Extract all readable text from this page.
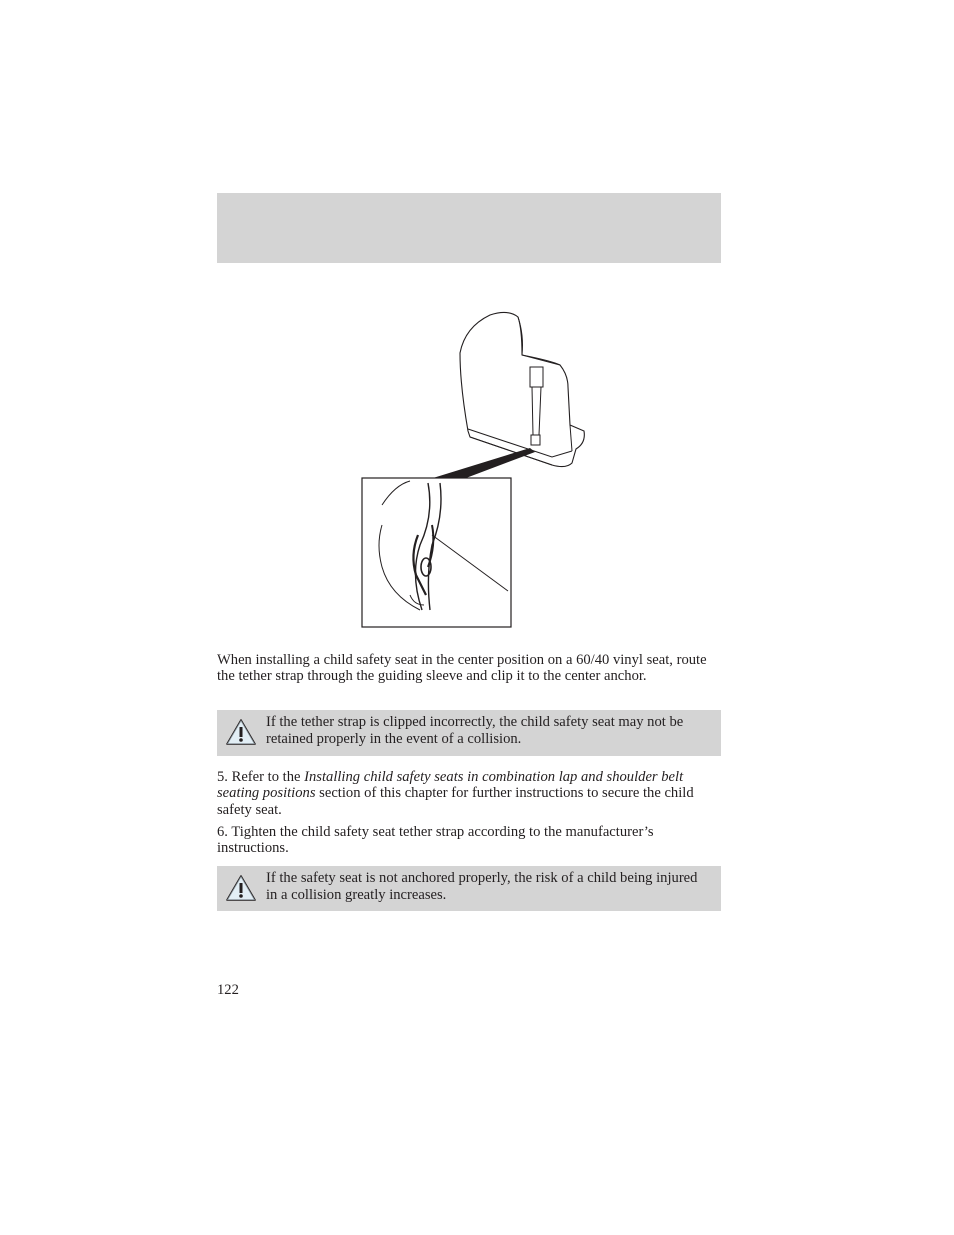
When installing a child safety seat in the center position on a 60/40 vinyl seat, route the tether strap through the guiding sleeve and clip it to the center anchor.

If the tether strap is clipped incorrectly, the child safety seat may not be retained properly in the event of a collision.

5. Refer to the Installing child safety seats in combination lap and shoulder belt seating positions section of this chapter for further instructions to secure the child safety seat.

6. Tighten the child safety seat tether strap according to the manufacturer’s instructions.

If the safety seat is not anchored properly, the risk of a child being injured in a collision greatly increases.
122
